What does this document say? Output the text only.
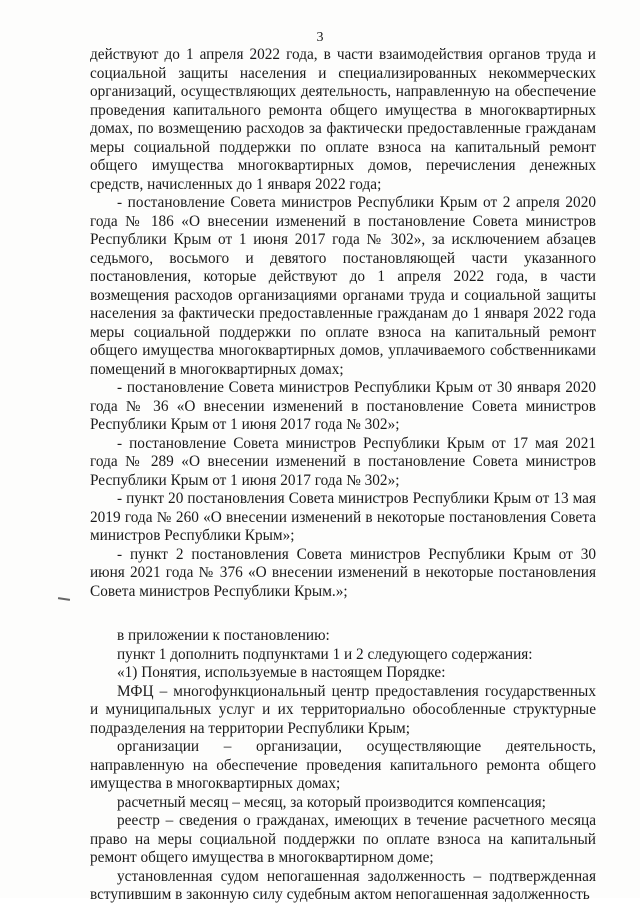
3

действуют до 1 апреля 2022 года, в части взаимодействия органов труда и социальной защиты населения и специализированных некоммерческих организаций, осуществляющих деятельность, направленную на обеспечение проведения капитального ремонта общего имущества в многоквартирных домах, по возмещению расходов за фактически предоставленные гражданам меры социальной поддержки по оплате взноса на капитальный ремонт общего имущества многоквартирных домов, перечисления денежных средств, начисленных до 1 января 2022 года;

- постановление Совета министров Республики Крым от 2 апреля 2020 года № 186 «О внесении изменений в постановление Совета министров Республики Крым от 1 июня 2017 года № 302», за исключением абзацев седьмого, восьмого и девятого постановляющей части указанного постановления, которые действуют до 1 апреля 2022 года, в части возмещения расходов организациями органами труда и социальной защиты населения за фактически предоставленные гражданам до 1 января 2022 года меры социальной поддержки по оплате взноса на капитальный ремонт общего имущества многоквартирных домов, уплачиваемого собственниками помещений в многоквартирных домах;

- постановление Совета министров Республики Крым от 30 января 2020 года № 36 «О внесении изменений в постановление Совета министров Республики Крым от 1 июня 2017 года № 302»;

- постановление Совета министров Республики Крым от 17 мая 2021 года № 289 «О внесении изменений в постановление Совета министров Республики Крым от 1 июня 2017 года № 302»;

- пункт 20 постановления Совета министров Республики Крым от 13 мая 2019 года № 260 «О внесении изменений в некоторые постановления Совета министров Республики Крым»;

- пункт 2 постановления Совета министров Республики Крым от 30 июня 2021 года № 376 «О внесении изменений в некоторые постановления Совета министров Республики Крым.»;

в приложении к постановлению:

пункт 1 дополнить подпунктами 1 и 2 следующего содержания:

«1) Понятия, используемые в настоящем Порядке:

МФЦ – многофункциональный центр предоставления государственных и муниципальных услуг и их территориально обособленные структурные подразделения на территории Республики Крым;

организации – организации, осуществляющие деятельность, направленную на обеспечение проведения капитального ремонта общего имущества в многоквартирных домах;

расчетный месяц – месяц, за который производится компенсация;

реестр – сведения о гражданах, имеющих в течение расчетного месяца право на меры социальной поддержки по оплате взноса на капитальный ремонт общего имущества в многоквартирном доме;

установленная судом непогашенная задолженность – подтвержденная вступившим в законную силу судебным актом непогашенная задолженность
